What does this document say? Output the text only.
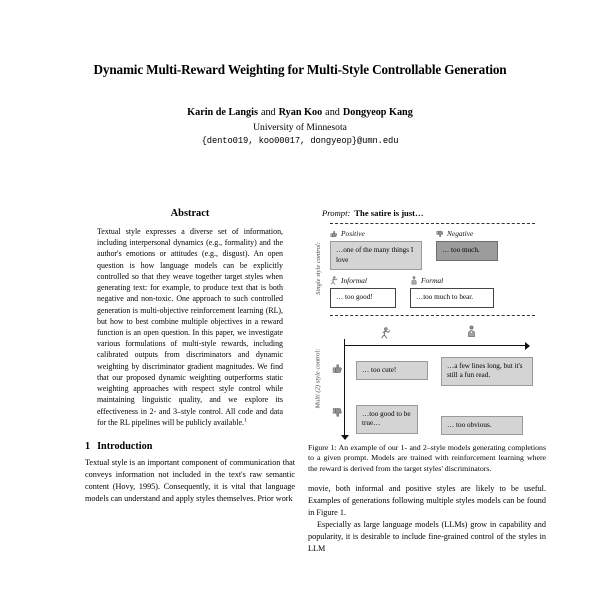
Dynamic Multi-Reward Weighting for Multi-Style Controllable Generation
Karin de Langis and Ryan Koo and Dongyeop Kang
University of Minnesota
{dento019, koo00017, dongyeop}@umn.edu
Abstract

Textual style expresses a diverse set of information, including interpersonal dynamics (e.g., formality) and the author's emotions or attitudes (e.g., disgust). An open question is how language models can be explicitly controlled so that they weave together target styles when generating text: for example, to produce text that is both negative and non-toxic. One approach to such controlled generation is multi-objective reinforcement learning (RL), but how to best combine multiple objectives in a reward function is an open question. In this paper, we investigate various formulations of multi-style rewards, including calibrated outputs from discriminators and dynamic weighting by discriminator gradient magnitudes. We find that our proposed dynamic weighting outperforms static weighting approaches with respect style control while maintaining linguistic quality, and we explore its effectiveness in 2- and 3–style control. All code and data for the RL pipelines will be publicly available.$^1$

1 Introduction

Textual style is an important component of communication that conveys information not included in the text's raw semantic content (Hovy, 1995). Consequently, it is vital that language models can understand and apply styles themselves. Prior work

Prompt: The satire is just…
Single style control:
Positive
…one of the many things I love
Negative
… too much.
Informal
… too good!
Formal
…too much to bear.
Multi (2) style control:	… too cute!	…a few lines long, but it's still a fun read.
…too good to be true…	… too obvious.
Figure 1: An example of our 1- and 2–style models generating completions to a given prompt. Models are trained with reinforcement learning where the reward is derived from the target styles' discriminators.

movie, both informal and positive styles are likely to be useful. Examples of generations following multiple styles models can be found in Figure 1.

Especially as large language models (LLMs) grow in capability and popularity, it is desirable to include fine-grained control of the styles in LLM
